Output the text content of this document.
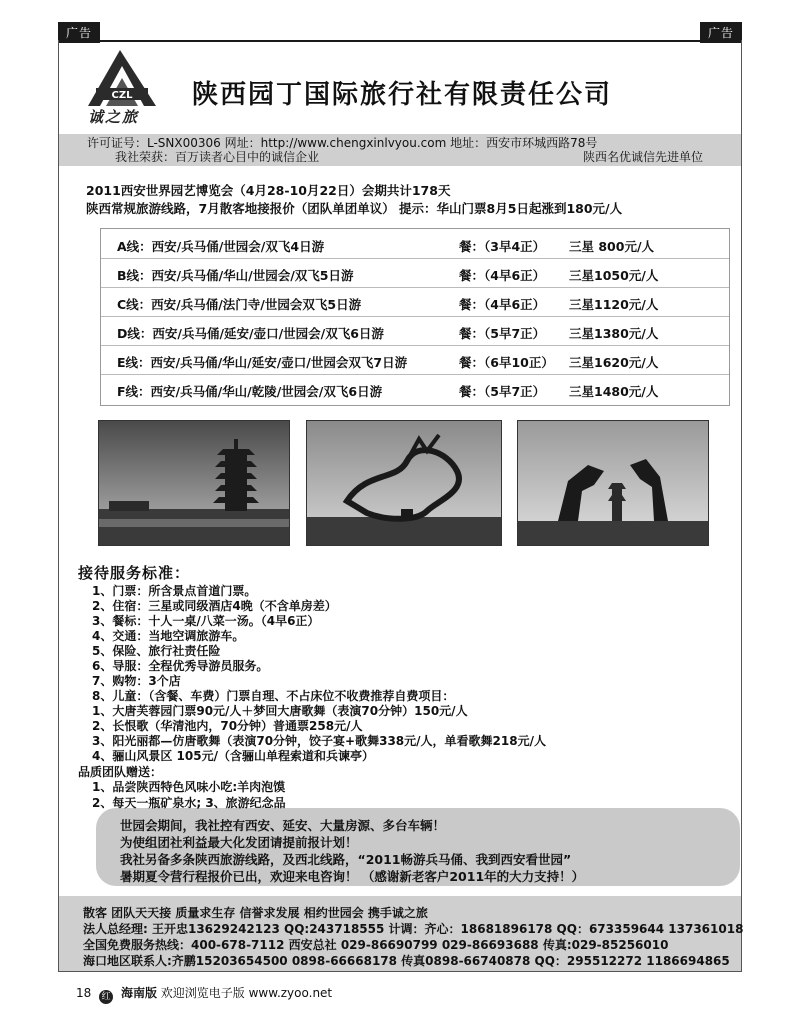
广告	广告
CZL
诚之旅
陕西园丁国际旅行社有限责任公司
许可证号：L-SNX00306 网址：http://www.chengxinlvyou.com 地址：西安市环城西路78号
我社荣获：百万读者心目中的诚信企业	陕西名优诚信先进单位
2011西安世界园艺博览会（4月28-10月22日）会期共计178天
陕西常规旅游线路，7月散客地接报价（团队单团单议） 提示：华山门票8月5日起涨到180元/人
A线：西安/兵马俑/世园会/双飞4日游	餐：（3早4正） 三星 800元/人
B线：西安/兵马俑/华山/世园会/双飞5日游	餐：（4早6正） 三星1050元/人
C线：西安/兵马俑/法门寺/世园会双飞5日游	餐：（4早6正） 三星1120元/人
D线：西安/兵马俑/延安/壶口/世园会/双飞6日游	餐：（5早7正） 三星1380元/人
E线：西安/兵马俑/华山/延安/壶口/世园会双飞7日游	餐：（6早10正） 三星1620元/人
F线：西安/兵马俑/华山/乾陵/世园会/双飞6日游	餐：（5早7正） 三星1480元/人
接待服务标准：
1、门票：所含景点首道门票。
2、住宿：三星或同级酒店4晚（不含单房差）
3、餐标：十人一桌/八菜一汤。（4早6正）
4、交通：当地空调旅游车。
5、保险、旅行社责任险
6、导服：全程优秀导游员服务。
7、购物：3个店
8、儿童：（含餐、车费）门票自理、不占床位不收费推荐自费项目：
1、大唐芙蓉园门票90元/人＋梦回大唐歌舞（表演70分钟）150元/人
2、长恨歌（华清池内，70分钟）普通票258元/人
3、阳光丽都—仿唐歌舞（表演70分钟，饺子宴+歌舞338元/人，单看歌舞218元/人
4、骊山风景区 105元/（含骊山单程索道和兵谏亭）
品质团队赠送：
1、品尝陕西特色风味小吃:羊肉泡馍
世园会期间，我社控有西安、延安、大量房源、多台车辆！
为使组团社利益最大化发团请提前报计划！
我社另备多条陕西旅游线路，及西北线路，“2011畅游兵马俑、我到西安看世园”
暑期夏令营行程报价已出，欢迎来电咨询！ （感谢新老客户2011年的大力支持！）
散客 团队天天接 质量求生存 信誉求发展 相约世园会 携手诚之旅
法人总经理: 王开忠13629242123 QQ:243718555 计调：齐心：18681896178 QQ：673359644 137361018
全国免费服务热线：400-678-7112 西安总社 029-86690799 029-86693688 传真:029-85256010
海口地区联系人:齐鹏15203654500 0898-66668178 传真0898-66740878 QQ：295512272 1186694865
18 红 海南版 欢迎浏览电子版 www.zyoo.net
2、每天一瓶矿泉水; 3、旅游纪念品
